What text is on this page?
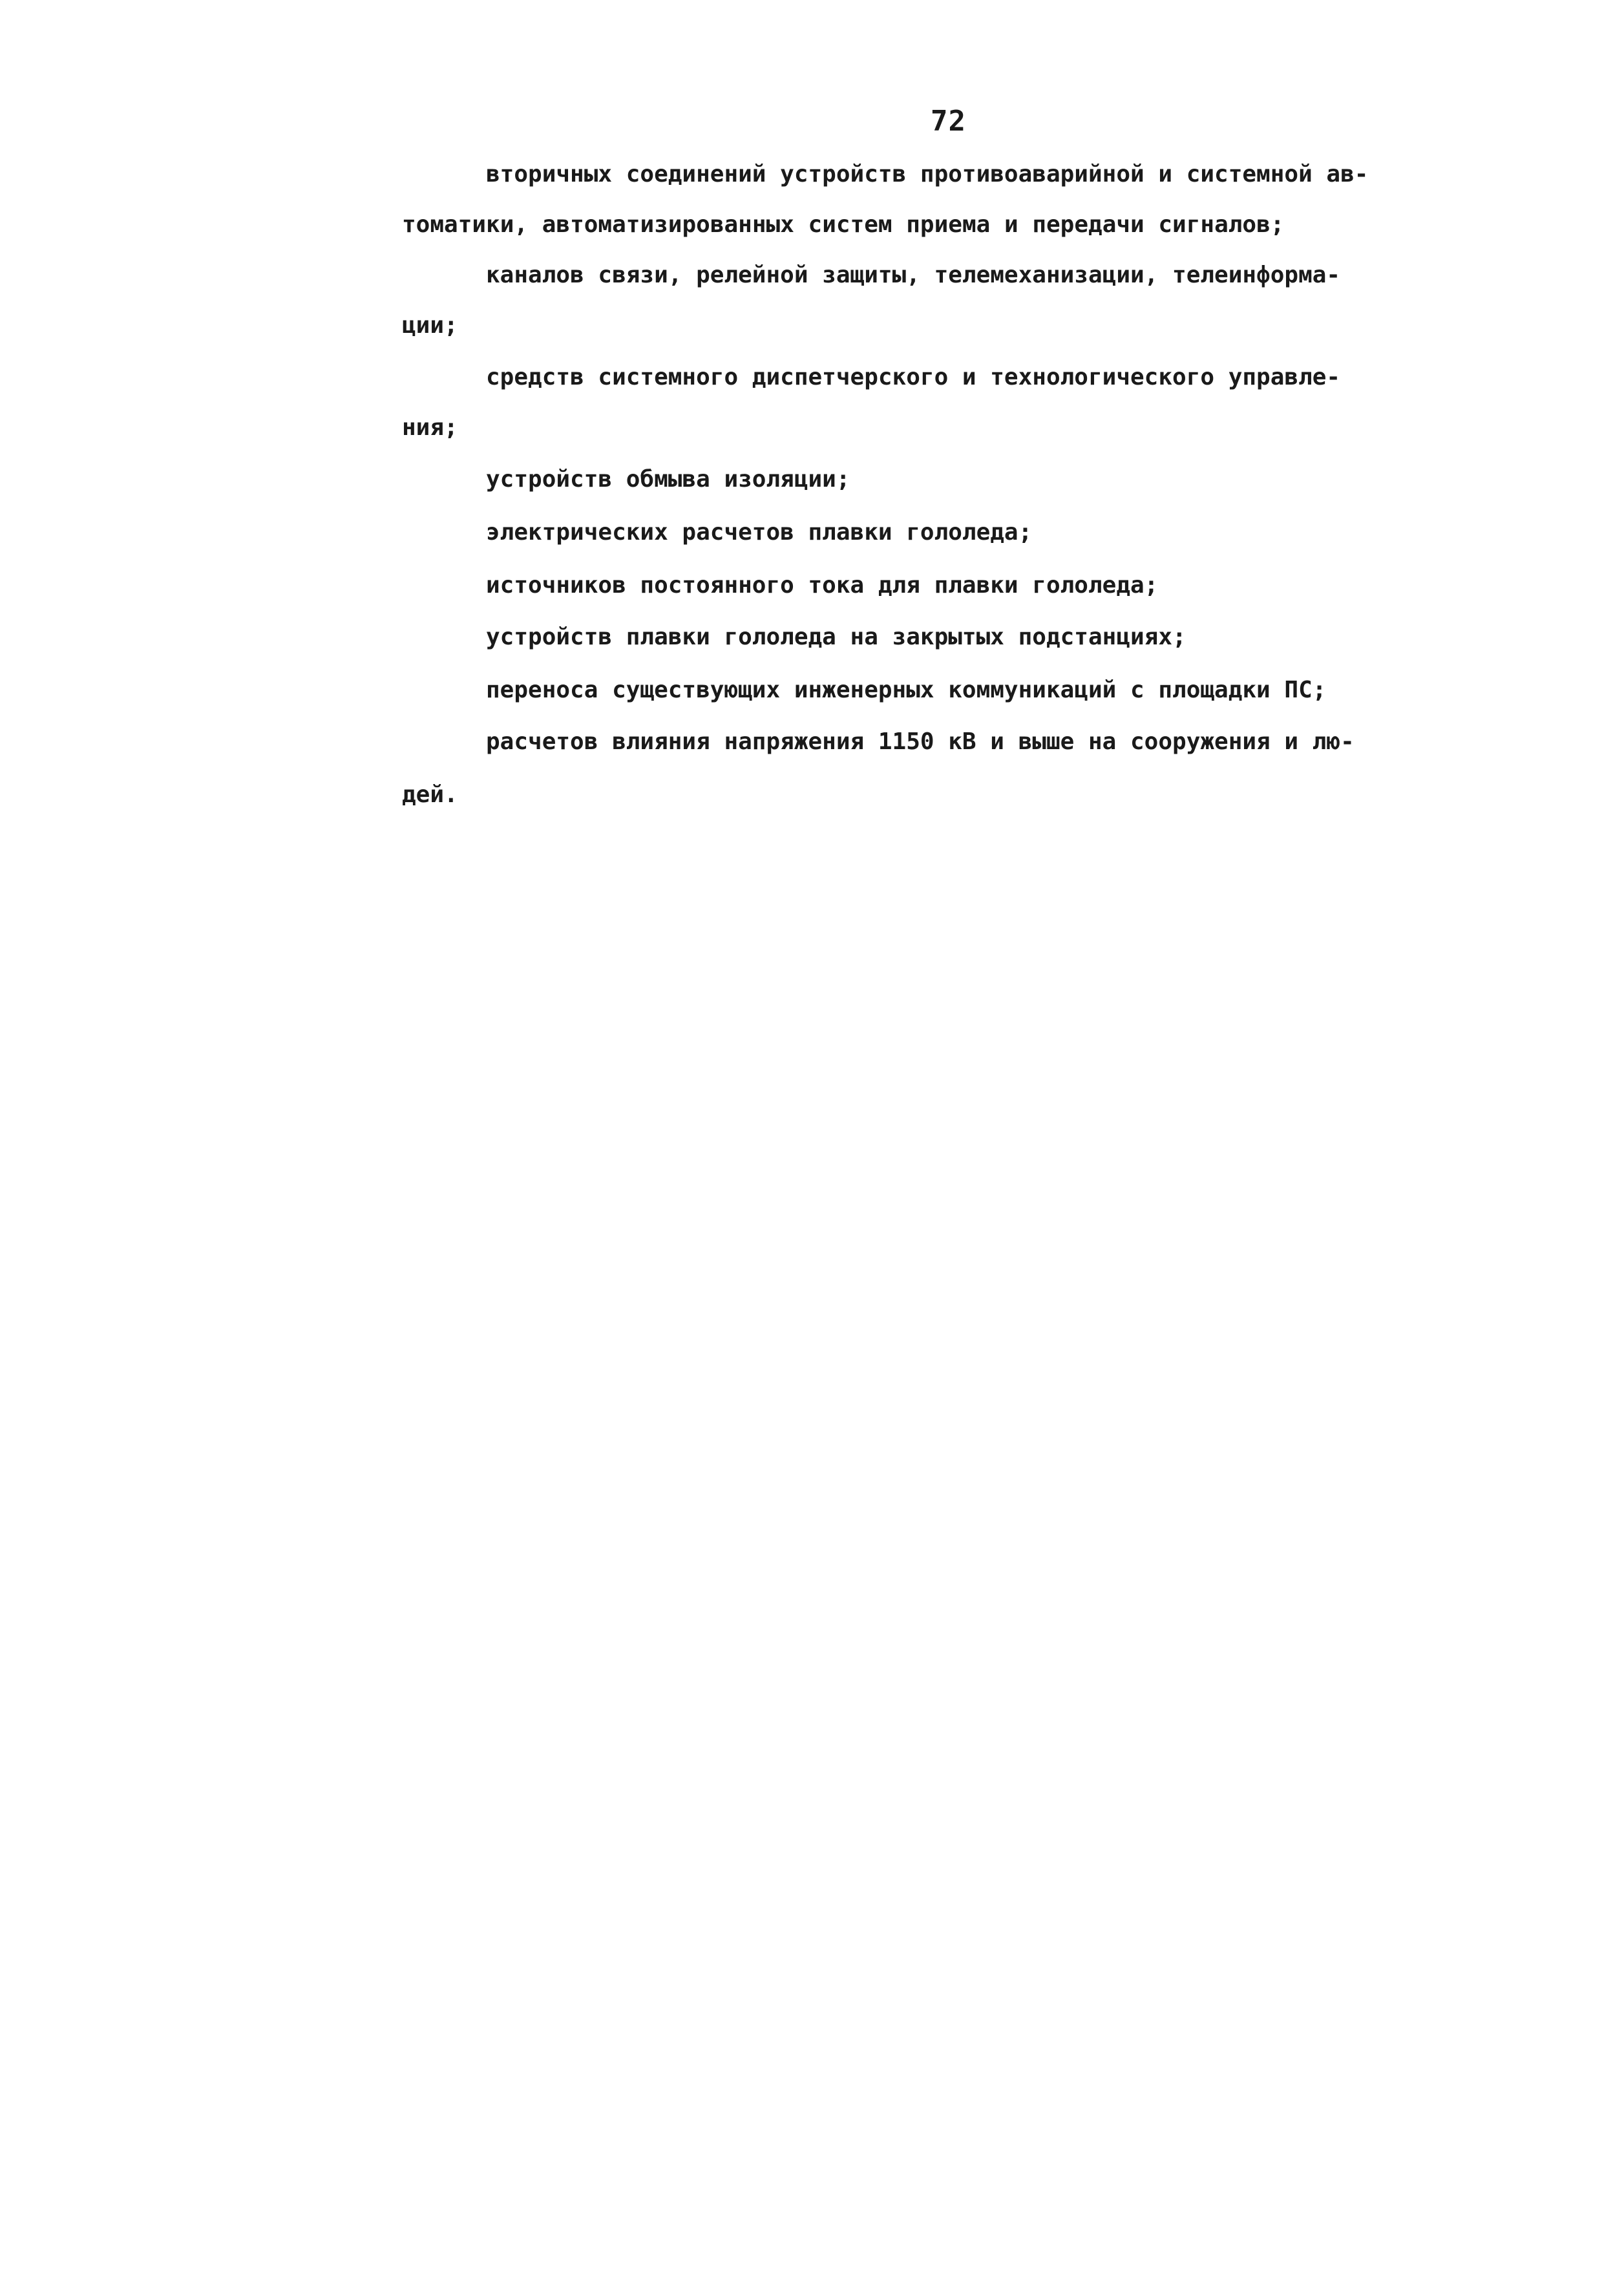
72
вторичных соединений устройств противоаварийной и системной ав-
томатики, автоматизированных систем приема и передачи сигналов;
каналов связи, релейной защиты, телемеханизации, телеинформа-
ции;
средств системного диспетчерского и технологического управле-
ния;
устройств обмыва изоляции;
электрических расчетов плавки гололеда;
источников постоянного тока для плавки гололеда;
устройств плавки гололеда на закрытых подстанциях;
переноса существующих инженерных коммуникаций с площадки ПС;
расчетов влияния напряжения 1150 кВ и выше на сооружения и лю-
дей.
